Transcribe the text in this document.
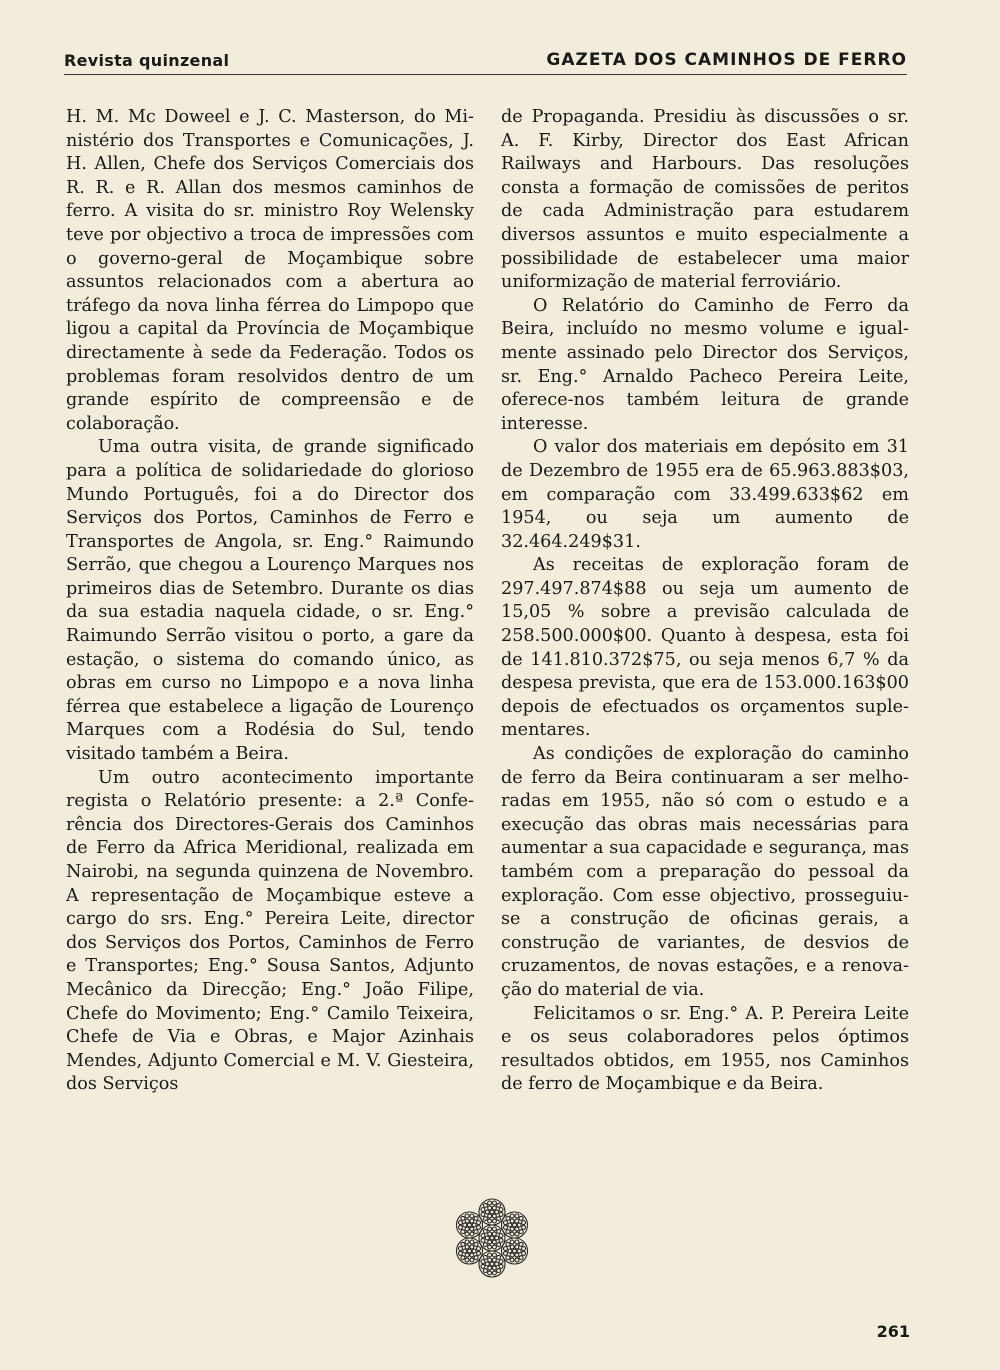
Revista quinzenal	GAZETA DOS CAMINHOS DE FERRO

H. M. Mc Doweel e J. C. Masterson, do Ministério dos Transportes e Comunicações, J. H. Allen, Chefe dos Serviços Comerciais dos R. R. e R. Allan dos mesmos caminhos de ferro. A visita do sr. ministro Roy Welensky teve por objectivo a troca de impressões com o governo-geral de Moçambique sobre assuntos relacionados com a abertura ao tráfego da nova linha férrea do Limpopo que ligou a capital da Província de Moçambique directamente à sede da Federação. Todos os problemas foram resolvidos dentro de um grande espírito de compreensão e de colaboração.

Uma outra visita, de grande significado para a política de solidariedade do glorioso Mundo Português, foi a do Director dos Serviços dos Portos, Caminhos de Ferro e Transportes de Angola, sr. Eng.° Raimundo Serrão, que chegou a Lourenço Marques nos primeiros dias de Setembro. Durante os dias da sua estadia naquela cidade, o sr. Eng.° Raimundo Serrão visitou o porto, a gare da estação, o sistema do comando único, as obras em curso no Limpopo e a nova linha férrea que estabelece a ligação de Lourenço Marques com a Rodésia do Sul, tendo visitado também a Beira.

Um outro acontecimento importante regista o Relatório presente: a 2.ª Conferência dos Directores-Gerais dos Caminhos de Ferro da Africa Meridional, realizada em Nairobi, na segunda quinzena de Novembro. A representação de Moçambique esteve a cargo do srs. Eng.° Pereira Leite, director dos Serviços dos Portos, Caminhos de Ferro e Transportes; Eng.° Sousa Santos, Adjunto Mecânico da Direcção; Eng.° João Filipe, Chefe do Movimento; Eng.° Camilo Teixeira, Chefe de Via e Obras, e Major Azinhais Mendes, Adjunto Comercial e M. V. Giesteira, dos Serviços

de Propaganda. Presidiu às discussões o sr. A. F. Kirby, Director dos East African Railways and Harbours. Das resoluções consta a formação de comissões de peritos de cada Administração para estudarem diversos assuntos e muito especialmente a possibilidade de estabelecer uma maior uniformização de material ferroviário.

O Relatório do Caminho de Ferro da Beira, incluído no mesmo volume e igualmente assinado pelo Director dos Serviços, sr. Eng.° Arnaldo Pacheco Pereira Leite, oferece-nos também leitura de grande interesse.

O valor dos materiais em depósito em 31 de Dezembro de 1955 era de 65.963.883$03, em comparação com 33.499.633$62 em 1954, ou seja um aumento de 32.464.249$31.

As receitas de exploração foram de 297.497.874$88 ou seja um aumento de 15,05 % sobre a previsão calculada de 258.500.000$00. Quanto à despesa, esta foi de 141.810.372$75, ou seja menos 6,7 % da despesa prevista, que era de 153.000.163$00 depois de efectuados os orçamentos suplementares.

As condições de exploração do caminho de ferro da Beira continuaram a ser melhoradas em 1955, não só com o estudo e a execução das obras mais necessárias para aumentar a sua capacidade e segurança, mas também com a preparação do pessoal da exploração. Com esse objectivo, prosseguiu-se a construção de oficinas gerais, a construção de variantes, de desvios de cruzamentos, de novas estações, e a renovação do material de via.

Felicitamos o sr. Eng.° A. P. Pereira Leite e os seus colaboradores pelos óptimos resultados obtidos, em 1955, nos Caminhos de ferro de Moçambique e da Beira.

261
